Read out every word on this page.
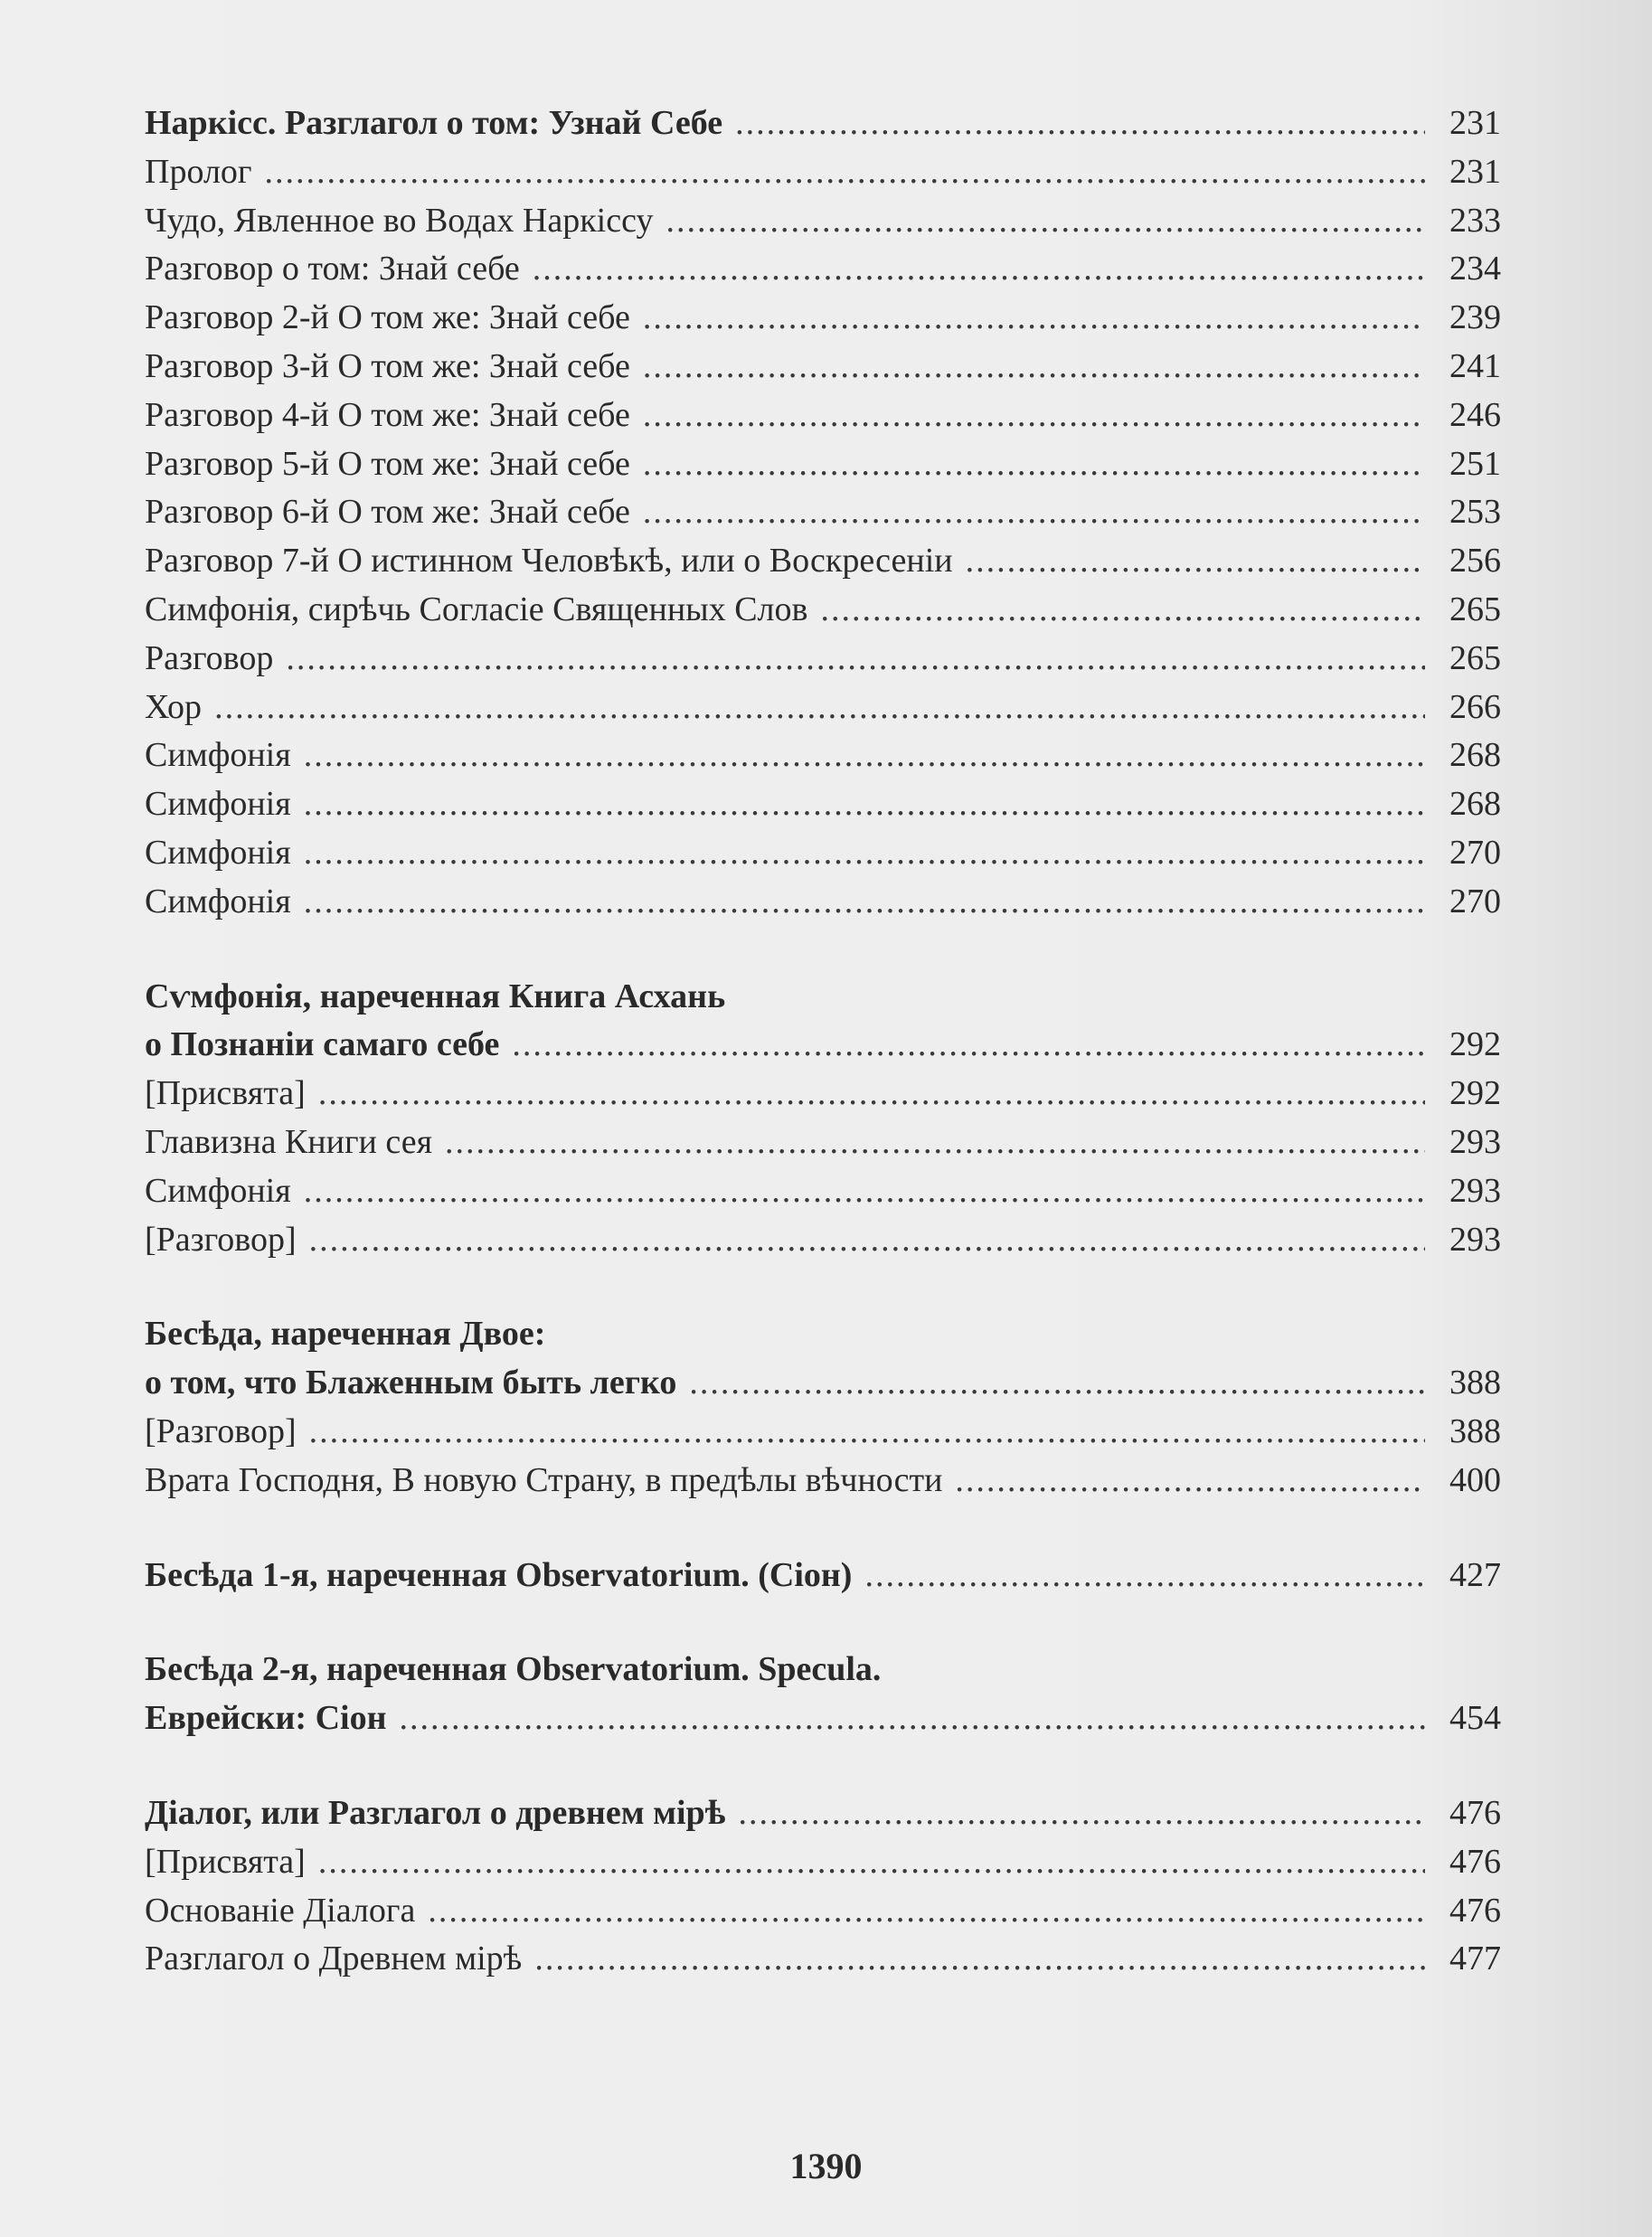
Наркісс. Разглагол о том: Узнай Себе .....	231
Пролог .....	231
Чудо, Явленное во Водах Наркіссу .....	233
Разговор о том: Знай себе .....	234
Разговор 2-й О том же: Знай себе .....	239
Разговор 3-й О том же: Знай себе .....	241
Разговор 4-й О том же: Знай себе .....	246
Разговор 5-й О том же: Знай себе .....	251
Разговор 6-й О том же: Знай себе .....	253
Разговор 7-й О истинном Человѣкѣ, или о Воскресеніи .....	256
Симфонія, сирѣчь Согласіе Священных Слов .....	265
Разговор .....	265
Хор .....	266
Симфонія .....	268
Симфонія .....	268
Симфонія .....	270
Симфонія .....	270
Сѵмфонія, нареченная Книга Асхань
о Познаніи самаго себе .....	292
[Присвята] .....	292
Главизна Книги сея .....	293
Симфонія .....	293
[Разговор] .....	293
Бесѣда, нареченная Двое:
о том, что Блаженным быть легко .....	388
[Разговор] .....	388
Врата Господня, В новую Страну, в предѣлы вѣчности .....	400
Бесѣда 1-я, нареченная Observatorium. (Сіон) .....	427
Бесѣда 2-я, нареченная Observatorium. Specula.
Еврейски: Сіон .....	454
Діалог, или Разглагол о древнем мірѣ .....	476
[Присвята] .....	476
Основаніе Діалога .....	476
Разглагол о Древнем мірѣ .....	477
1390
